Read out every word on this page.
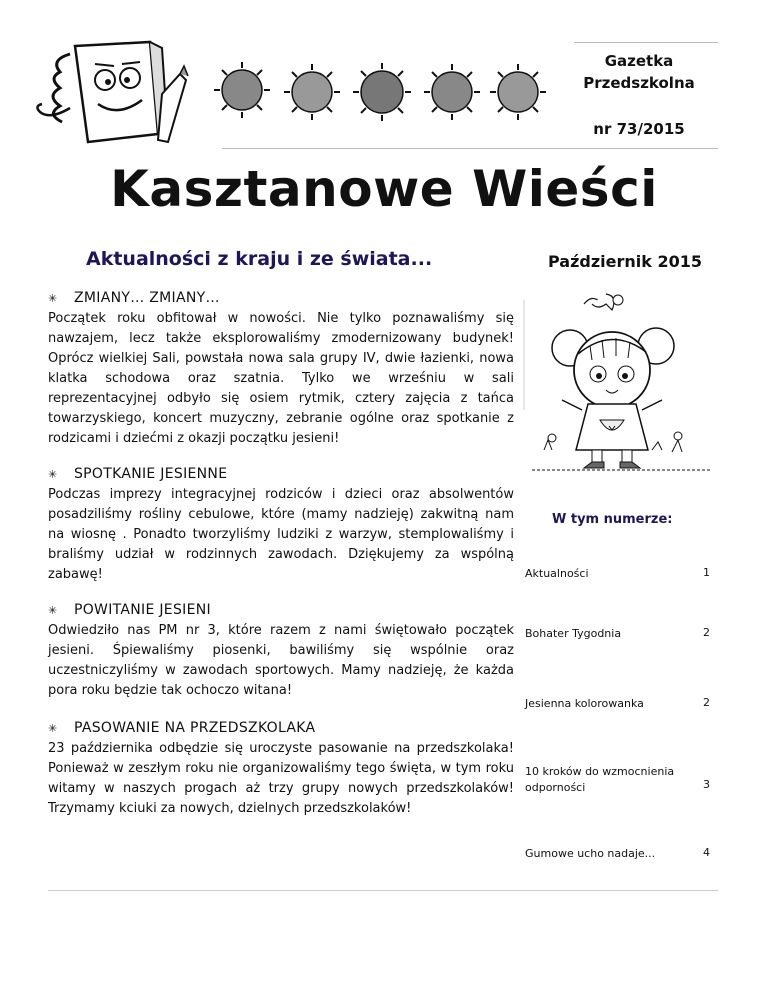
Gazetka
Przedszkolna
nr 73/2015
Kasztanowe Wieści
Aktualności z kraju i ze świata...	Październik 2015
✳ ZMIANY… ZMIANY…
Początek roku obfitował w nowości. Nie tylko poznawaliśmy się nawzajem, lecz także eksplorowaliśmy zmodernizowany budynek! Oprócz wielkiej Sali, powstała nowa sala grupy IV, dwie łazienki, nowa klatka schodowa oraz szatnia. Tylko we wrześniu w sali reprezentacyjnej odbyło się osiem rytmik, cztery zajęcia z tańca towarzyskiego, koncert muzyczny, zebranie ogólne oraz spotkanie z rodzicami i dziećmi z okazji początku jesieni!
✳ SPOTKANIE JESIENNE
Podczas imprezy integracyjnej rodziców i dzieci oraz absolwentów posadziliśmy rośliny cebulowe, które (mamy nadzieję) zakwitną nam na wiosnę . Ponadto tworzyliśmy ludziki z warzyw, stemplowaliśmy i braliśmy udział w rodzinnych zawodach. Dziękujemy za wspólną zabawę!
✳ POWITANIE JESIENI
Odwiedziło nas PM nr 3, które razem z nami świętowało początek jesieni. Śpiewaliśmy piosenki, bawiliśmy się wspólnie oraz uczestniczyliśmy w zawodach sportowych. Mamy nadzieję, że każda pora roku będzie tak ochoczo witana!
✳ PASOWANIE NA PRZEDSZKOLAKA
23 października odbędzie się uroczyste pasowanie na przedszkolaka! Ponieważ w zeszłym roku nie organizowaliśmy tego święta, w tym roku witamy w naszych progach aż trzy grupy nowych przedszkolaków! Trzymamy kciuki za nowych, dzielnych przedszkolaków!
W tym numerze:
Aktualności	1
Bohater Tygodnia	2
Jesienna kolorowanka	2
10 kroków do wzmocnienia odporności	3
Gumowe ucho nadaje...	4
